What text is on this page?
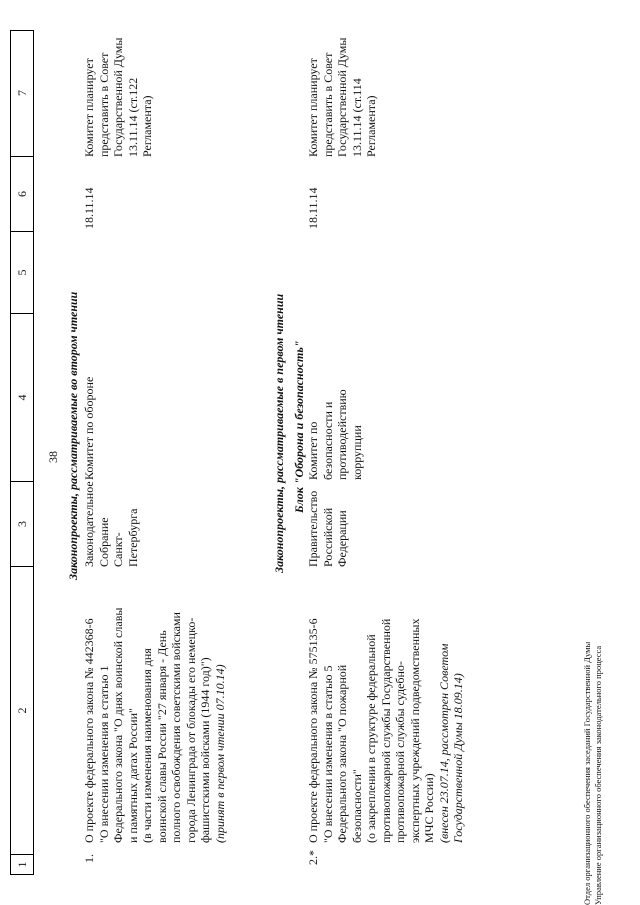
38
1
2
3
4
5
6
7
Законопроекты, рассматриваемые во втором чтении
1.
О проекте федерального закона № 442368-6 "О внесении изменения в статью 1 Федерального закона "О днях воинской славы и памятных датах России" (в части изменения наименования дня воинской славы России "27 января - День полного освобождения советскими войсками города Ленинграда от блокады его немецко- фашистскими войсками (1944 год)") (принят в первом чтении 07.10.14)
Законодательное Собрание Санкт-Петербурга
Комитет по обороне
18.11.14
Комитет планирует представить в Совет Государственной Думы 13.11.14 (ст.122 Регламента)
Законопроекты, рассматриваемые в первом чтении Блок "Оборона и безопасность"
2.*
О проекте федерального закона № 575135-6 "О внесении изменения в статью 5 Федерального закона "О пожарной безопасности" (о закреплении в структуре федеральной противопожарной службы Государственной противопожарной службы судебно- экспертных учреждений подведомственных МЧС России) (внесен 23.07.14, рассмотрен Советом Государственной Думы 18.09.14)
Правительство Российской Федерации
Комитет по безопасности и противодействию коррупции
18.11.14
Комитет планирует представить в Совет Государственной Думы 13.11.14 (ст.114 Регламента)
Отдел организационного обеспечения заседаний Государственной Думы Управление организационного обеспечения законодательного процесса
